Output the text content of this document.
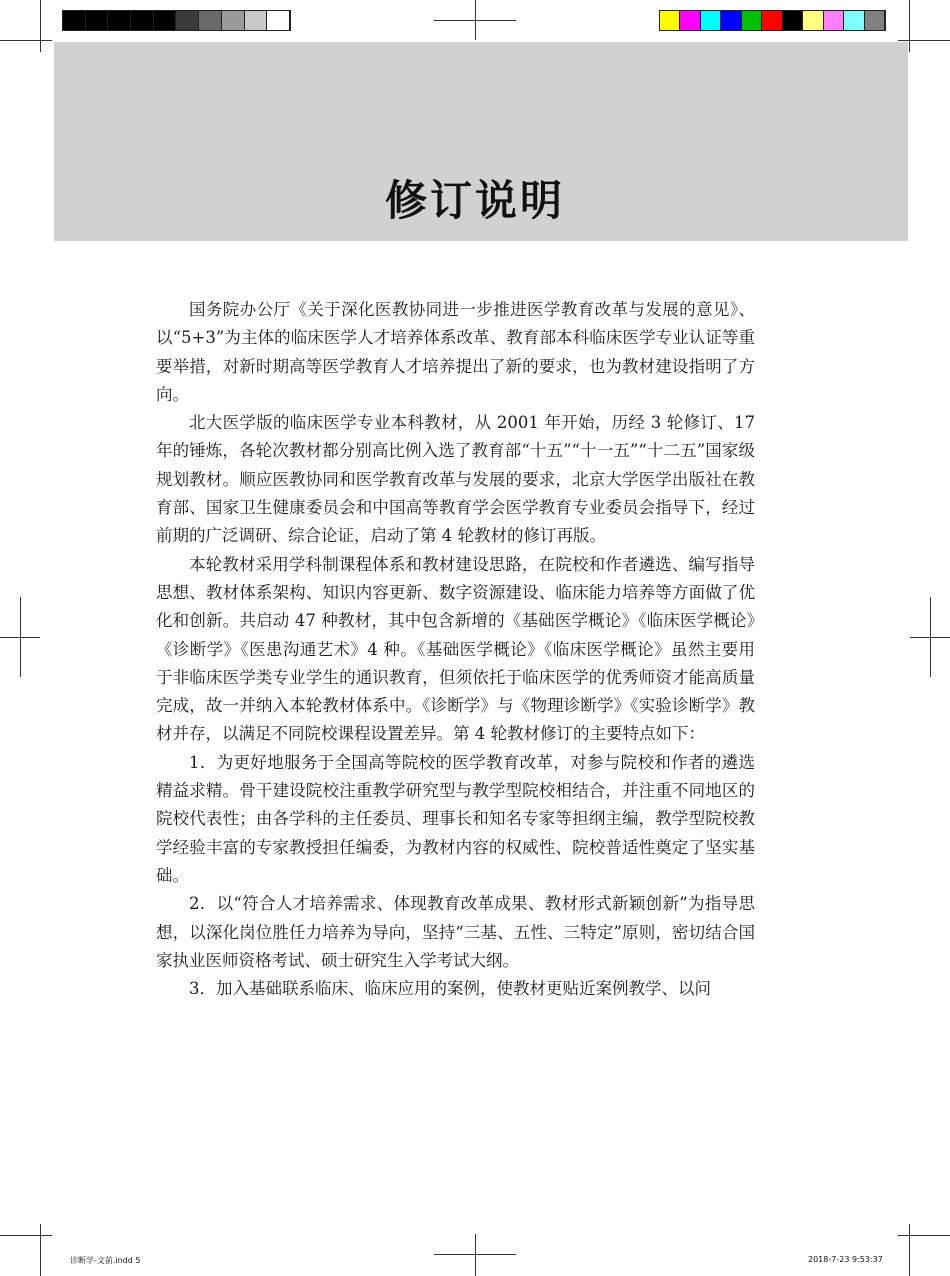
修订说明

国务院办公厅《关于深化医教协同进一步推进医学教育改革与发展的意见》、以“5+3”为主体的临床医学人才培养体系改革、教育部本科临床医学专业认证等重要举措，对新时期高等医学教育人才培养提出了新的要求，也为教材建设指明了方向。

北大医学版的临床医学专业本科教材，从 2001 年开始，历经 3 轮修订、17 年的锤炼，各轮次教材都分别高比例入选了教育部“十五”“十一五”“十二五”国家级规划教材。顺应医教协同和医学教育改革与发展的要求，北京大学医学出版社在教育部、国家卫生健康委员会和中国高等教育学会医学教育专业委员会指导下，经过前期的广泛调研、综合论证，启动了第 4 轮教材的修订再版。

本轮教材采用学科制课程体系和教材建设思路，在院校和作者遴选、编写指导思想、教材体系架构、知识内容更新、数字资源建设、临床能力培养等方面做了优化和创新。共启动 47 种教材，其中包含新增的《基础医学概论》《临床医学概论》《诊断学》《医患沟通艺术》4 种。《基础医学概论》《临床医学概论》虽然主要用于非临床医学类专业学生的通识教育，但须依托于临床医学的优秀师资才能高质量完成，故一并纳入本轮教材体系中。《诊断学》与《物理诊断学》《实验诊断学》教材并存，以满足不同院校课程设置差异。第 4 轮教材修订的主要特点如下：

1．为更好地服务于全国高等院校的医学教育改革，对参与院校和作者的遴选精益求精。骨干建设院校注重教学研究型与教学型院校相结合，并注重不同地区的院校代表性；由各学科的主任委员、理事长和知名专家等担纲主编，教学型院校教学经验丰富的专家教授担任编委，为教材内容的权威性、院校普适性奠定了坚实基础。

2．以“符合人才培养需求、体现教育改革成果、教材形式新颖创新”为指导思想，以深化岗位胜任力培养为导向，坚持“三基、五性、三特定”原则，密切结合国家执业医师资格考试、硕士研究生入学考试大纲。

3．加入基础联系临床、临床应用的案例，使教材更贴近案例教学、以问

诊断学-文前.indd 5	2018-7-23 9:53:37
